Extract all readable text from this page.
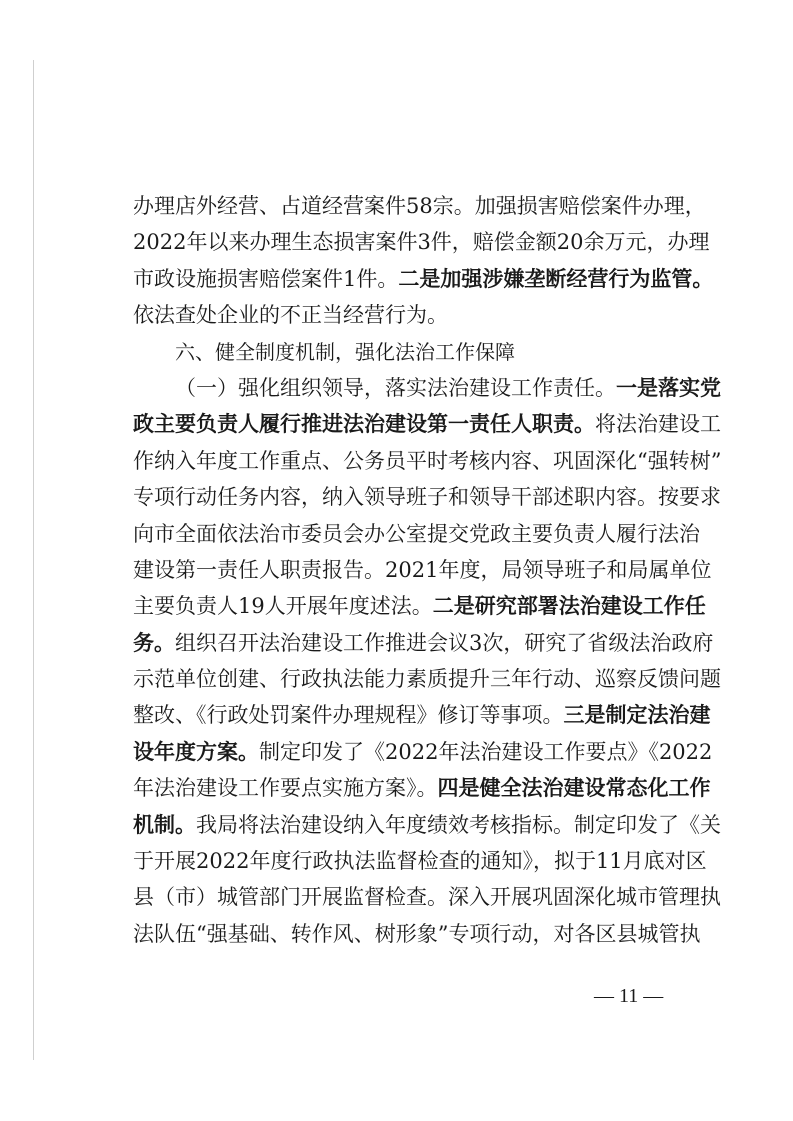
办理店外经营、占道经营案件58宗。加强损害赔偿案件办理，
2022年以来办理生态损害案件3件，赔偿金额20余万元，办理
市政设施损害赔偿案件1件。 二是加强涉嫌垄断经营行为监管。
依法查处企业的不正当经营行为。
六、健全制度机制，强化法治工作保障
（一）强化组织领导，落实法治建设工作责任。 一是落实党
政主要负责人履行推进法治建设第一责任人职责。 将法治建设工
作纳入年度工作重点、公务员平时考核内容、巩固深化“强转树”
专项行动任务内容，纳入领导班子和领导干部述职内容。按要求
向市全面依法治市委员会办公室提交党政主要负责人履行法治
建设第一责任人职责报告。2021年度，局领导班子和局属单位
主要负责人19人开展年度述法。 二是研究部署法治建设工作任
务。 组织召开法治建设工作推进会议3次，研究了省级法治政府
示范单位创建、行政执法能力素质提升三年行动、巡察反馈问题
整改、《行政处罚案件办理规程》修订等事项。 三是制定法治建
设年度方案。 制定印发了《2022年法治建设工作要点》《2022
年法治建设工作要点实施方案》。 四是健全法治建设常态化工作
机制。 我局将法治建设纳入年度绩效考核指标。制定印发了《关
于开展2022年度行政执法监督检查的通知》，拟于11月底对区
县（市）城管部门开展监督检查。深入开展巩固深化城市管理执
法队伍“强基础、转作风、树形象”专项行动，对各区县城管执
— 11 —
